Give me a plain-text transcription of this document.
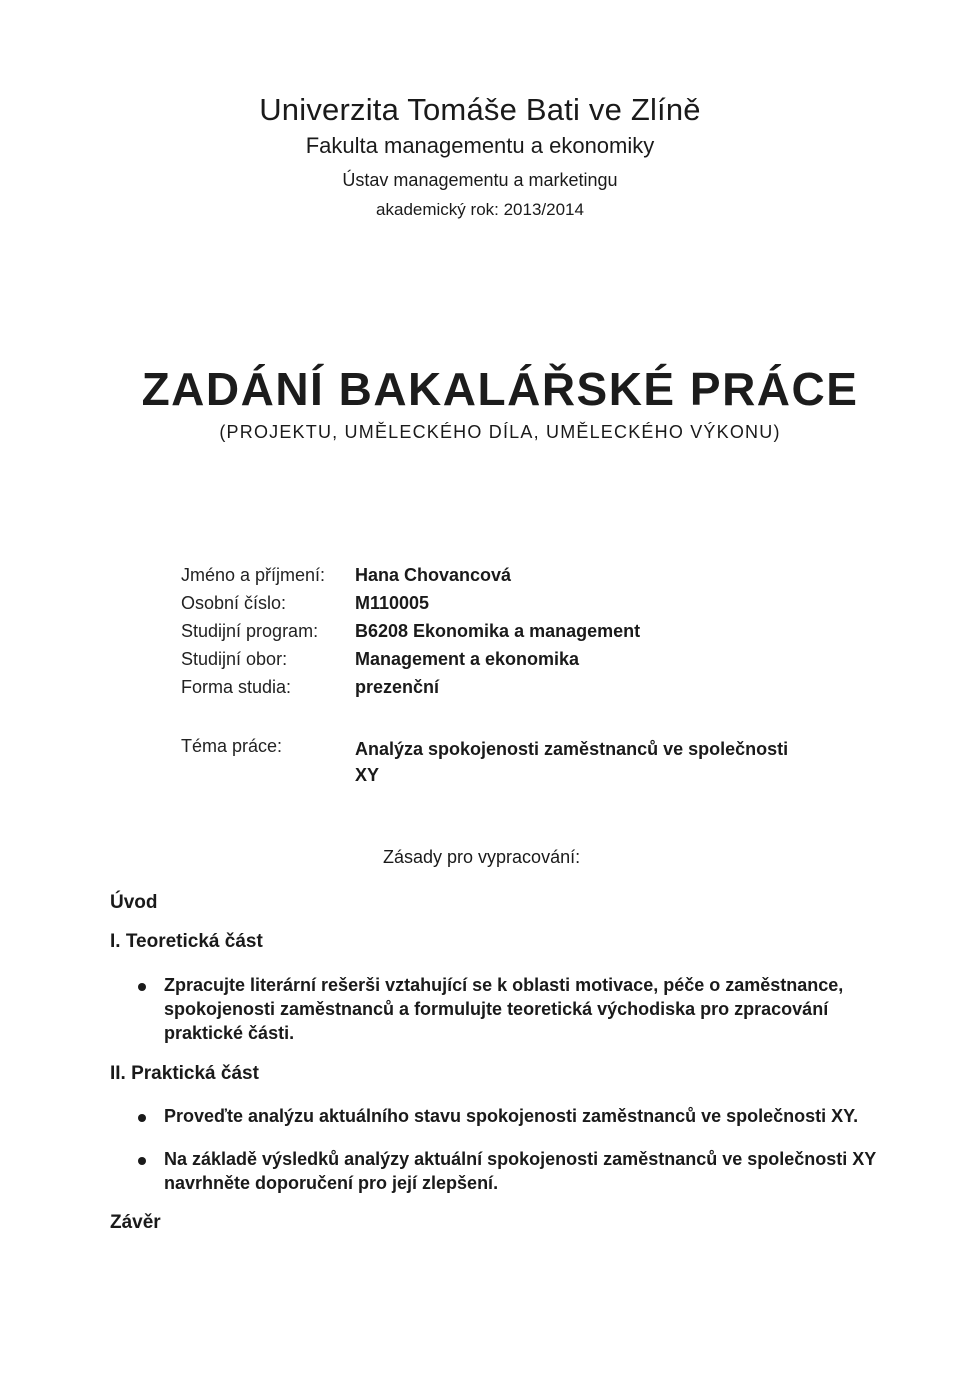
Univerzita Tomáše Bati ve Zlíně
Fakulta managementu a ekonomiky
Ústav managementu a marketingu
akademický rok: 2013/2014
ZADÁNÍ BAKALÁŘSKÉ PRÁCE
(PROJEKTU, UMĚLECKÉHO DÍLA, UMĚLECKÉHO VÝKONU)
Jméno a příjmení: Hana Chovancová
Osobní číslo:	M110005
Studijní program: B6208 Ekonomika a management
Studijní obor:	Management a ekonomika
Forma studia:	prezenční
Téma práce:	Analýza spokojenosti zaměstnanců ve společnosti XY
Zásady pro vypracování:
Úvod
I. Teoretická část
Zpracujte literární rešerši vztahující se k oblasti motivace, péče o zaměstnance, spokojenosti zaměstnanců a formulujte teoretická východiska pro zpracování praktické části.
II. Praktická část
Proveďte analýzu aktuálního stavu spokojenosti zaměstnanců ve společnosti XY.
Na základě výsledků analýzy aktuální spokojenosti zaměstnanců ve společnosti XY navrhněte doporučení pro její zlepšení.
Závěr
